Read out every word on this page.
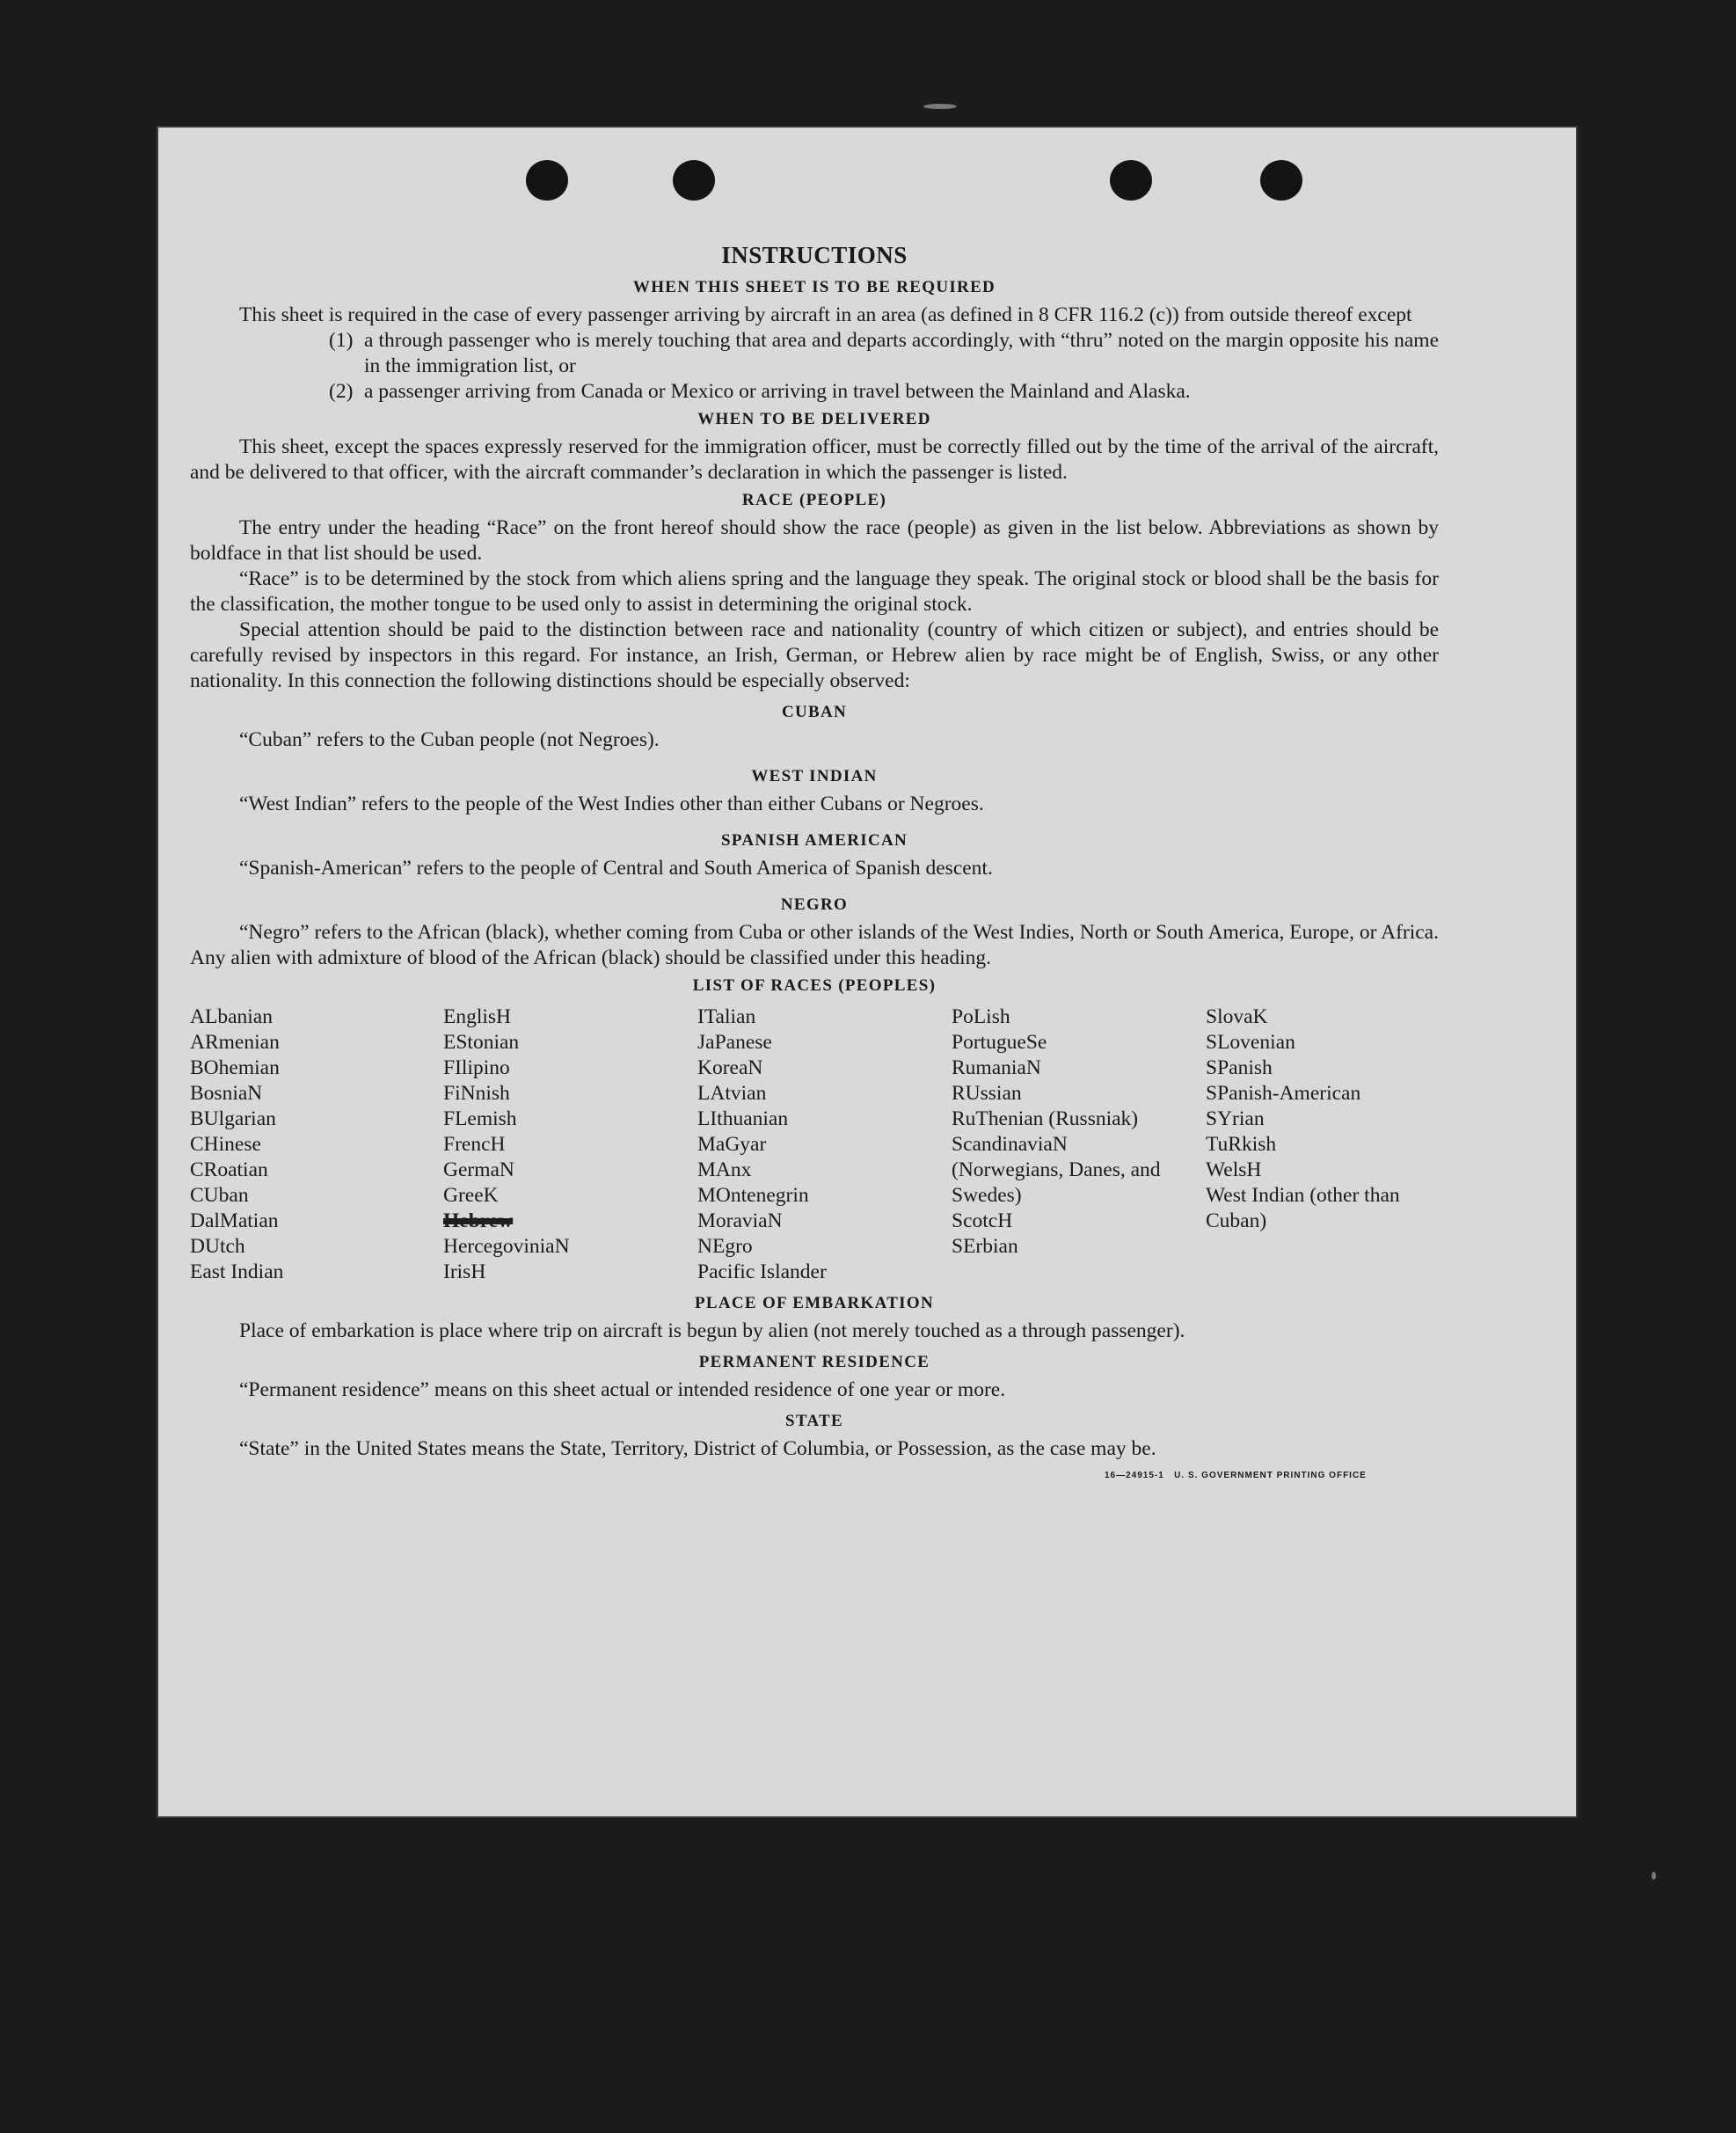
INSTRUCTIONS
WHEN THIS SHEET IS TO BE REQUIRED

This sheet is required in the case of every passenger arriving by aircraft in an area (as defined in 8 CFR 116.2 (c)) from outside thereof except

(1) a through passenger who is merely touching that area and departs accordingly, with “thru” noted on the margin opposite his name in the immigration list, or
(2) a passenger arriving from Canada or Mexico or arriving in travel between the Mainland and Alaska.
WHEN TO BE DELIVERED

This sheet, except the spaces expressly reserved for the immigration officer, must be correctly filled out by the time of the arrival of the aircraft, and be delivered to that officer, with the aircraft commander’s declaration in which the passenger is listed.

RACE (PEOPLE)

The entry under the heading “Race” on the front hereof should show the race (people) as given in the list below. Abbreviations as shown by boldface in that list should be used.

“Race” is to be determined by the stock from which aliens spring and the language they speak. The original stock or blood shall be the basis for the classification, the mother tongue to be used only to assist in determining the original stock.

Special attention should be paid to the distinction between race and nationality (country of which citizen or subject), and entries should be carefully revised by inspectors in this regard. For instance, an Irish, German, or Hebrew alien by race might be of English, Swiss, or any other nationality. In this connection the following distinctions should be especially observed:

CUBAN

“Cuban” refers to the Cuban people (not Negroes).

WEST INDIAN

“West Indian” refers to the people of the West Indies other than either Cubans or Negroes.

SPANISH AMERICAN

“Spanish-American” refers to the people of Central and South America of Spanish descent.

NEGRO

“Negro” refers to the African (black), whether coming from Cuba or other islands of the West Indies, North or South America, Europe, or Africa. Any alien with admixture of blood of the African (black) should be classified under this heading.

LIST OF RACES (PEOPLES)
ALbanian
ARmenian
BOhemian
BosniaN
BUlgarian
CHinese
CRoatian
CUban
DalMatian
DUtch
East Indian
EnglisH
EStonian
FIlipino
FiNnish
FLemish
FrencH
GermaN
GreeK
Hebrew
HercegoviniaN
IrisH
ITalian
JaPanese
KoreaN
LAtvian
LIthuanian
MaGyar
MAnx
MOntenegrin
MoraviaN
NEgro
Pacific Islander
PoLish
PortugueSe
RumaniaN
RUssian
RuThenian (Russniak)
ScandinaviaN (Norwegians, Danes, and Swedes)
ScotcH
SErbian
SlovaK
SLovenian
SPanish
SPanish-American
SYrian
TuRkish
WelsH
West Indian (other than Cuban)
PLACE OF EMBARKATION

Place of embarkation is place where trip on aircraft is begun by alien (not merely touched as a through passenger).

PERMANENT RESIDENCE

“Permanent residence” means on this sheet actual or intended residence of one year or more.

STATE

“State” in the United States means the State, Territory, District of Columbia, or Possession, as the case may be.

16—24915-1 U. S. GOVERNMENT PRINTING OFFICE
